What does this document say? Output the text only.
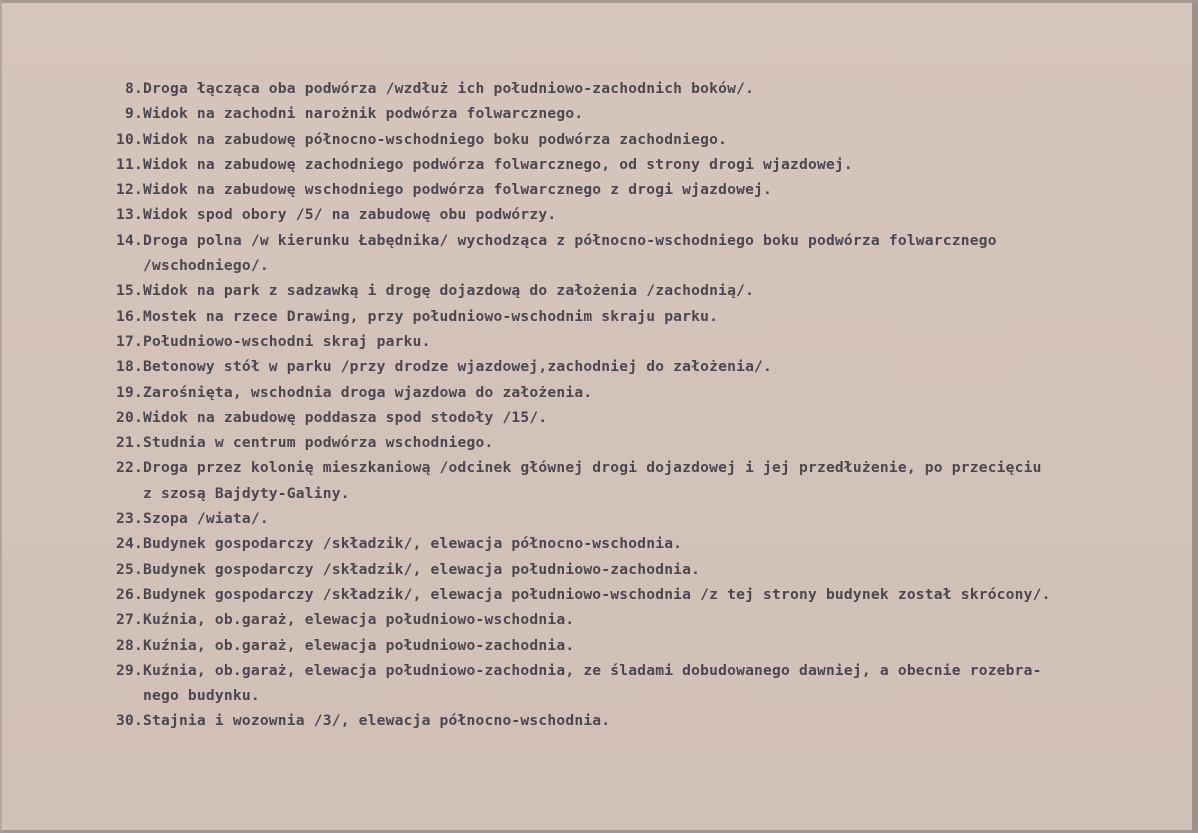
8. Droga łącząca oba podwórza /wzdłuż ich południowo-zachodnich boków/.
9. Widok na zachodni narożnik podwórza folwarcznego.
10. Widok na zabudowę północno-wschodniego boku podwórza zachodniego.
11. Widok na zabudowę zachodniego podwórza folwarcznego, od strony drogi wjazdowej.
12. Widok na zabudowę wschodniego podwórza folwarcznego z drogi wjazdowej.
13. Widok spod obory /5/ na zabudowę obu podwórzy.
14. Droga polna /w kierunku Łabędnika/ wychodząca z północno-wschodniego boku podwórza folwarcznego
/wschodniego/.
15. Widok na park z sadzawką i drogę dojazdową do założenia /zachodnią/.
16. Mostek na rzece Drawing, przy południowo-wschodnim skraju parku.
17. Południowo-wschodni skraj parku.
18. Betonowy stół w parku /przy drodze wjazdowej,zachodniej do założenia/.
19. Zarośnięta, wschodnia droga wjazdowa do założenia.
20. Widok na zabudowę poddasza spod stodoły /15/.
21. Studnia w centrum podwórza wschodniego.
22. Droga przez kolonię mieszkaniową /odcinek głównej drogi dojazdowej i jej przedłużenie, po przecięciu
z szosą Bajdyty-Galiny.
23. Szopa /wiata/.
24. Budynek gospodarczy /składzik/, elewacja północno-wschodnia.
25. Budynek gospodarczy /składzik/, elewacja południowo-zachodnia.
26. Budynek gospodarczy /składzik/, elewacja południowo-wschodnia /z tej strony budynek został skrócony/.
27. Kuźnia, ob.garaż, elewacja południowo-wschodnia.
28. Kuźnia, ob.garaż, elewacja południowo-zachodnia.
29. Kuźnia, ob.garaż, elewacja południowo-zachodnia, ze śladami dobudowanego dawniej, a obecnie rozebra-
nego budynku.
30. Stajnia i wozownia /3/, elewacja północno-wschodnia.
